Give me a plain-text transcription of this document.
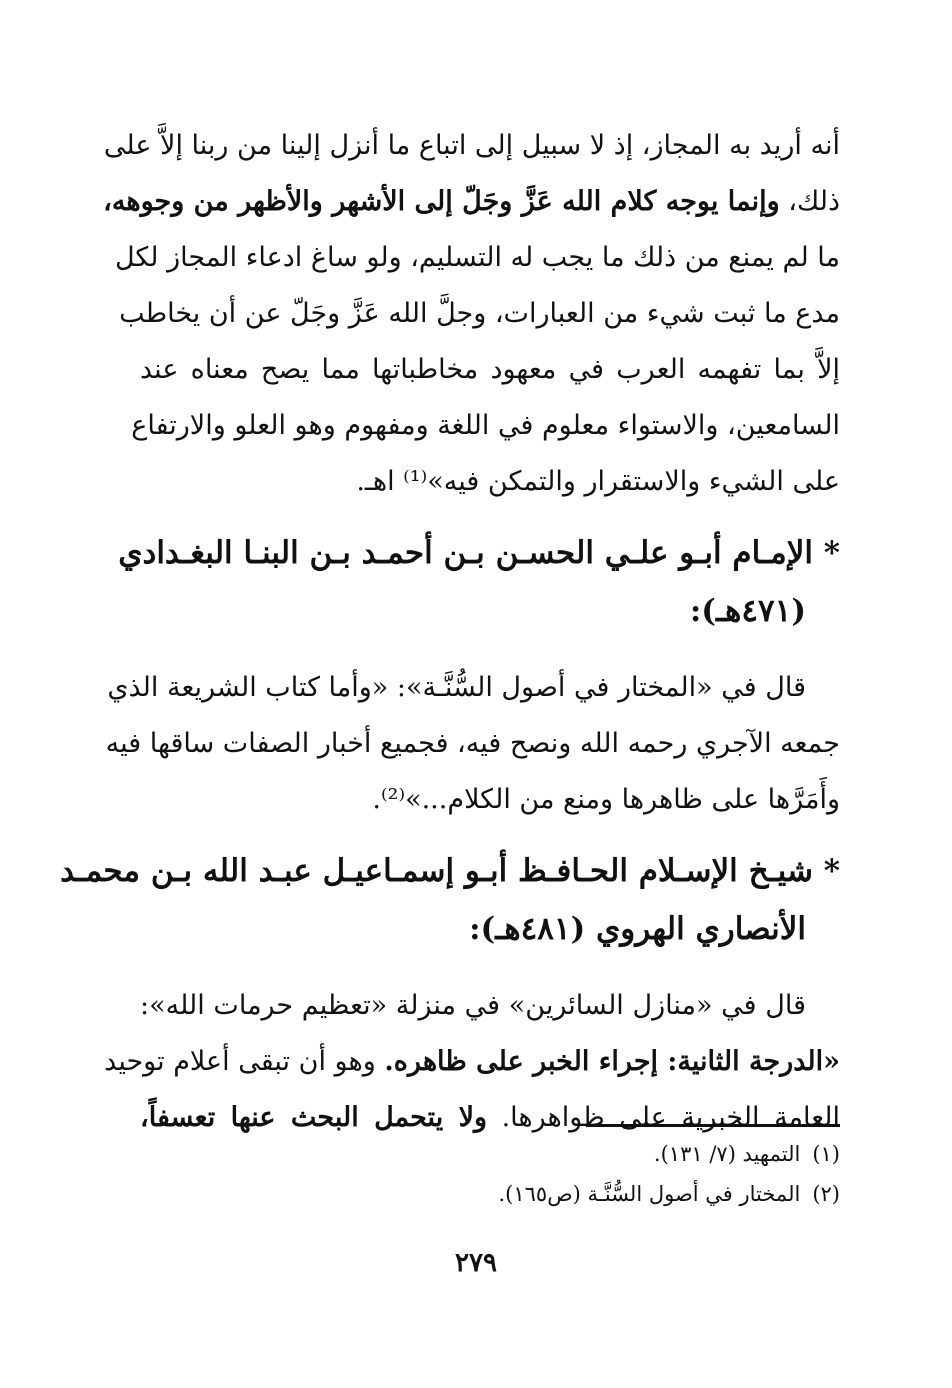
أنه أريد به المجاز، إذ لا سبيل إلى اتباع ما أنزل إلينا من ربنا إلاَّ على
ذلك، وإنما يوجه كلام الله عَزَّ وجَلّ إلى الأشهر والأظهر من وجوهه،
ما لم يمنع من ذلك ما يجب له التسليم، ولو ساغ ادعاء المجاز لكل
مدع ما ثبت شيء من العبارات، وجلَّ الله عَزَّ وجَلّ عن أن يخاطب
إلاَّ بما تفهمه العرب في معهود مخاطباتها مما يصح معناه عند
السامعين، والاستواء معلوم في اللغة ومفهوم وهو العلو والارتفاع
على الشيء والاستقرار والتمكن فيه»⁽¹⁾ اهـ.
* الإمـام أبـو علـي الحسـن بـن أحمـد بـن البنـا البغـدادي
(٤٧١هـ):
قال في «المختار في أصول السُّنَّـة»: «وأما كتاب الشريعة الذي
جمعه الآجري رحمه الله ونصح فيه، فجميع أخبار الصفات ساقها فيه
وأَمَرَّها على ظاهرها ومنع من الكلام...»⁽²⁾.
* شيـخ الإسـلام الحـافـظ أبـو إسمـاعيـل عبـد الله بـن محمـد
الأنصاري الهروي (٤٨١هـ):
قال في «منازل السائرين» في منزلة «تعظيم حرمات الله»:
«الدرجة الثانية: إجراء الخبر على ظاهره. وهو أن تبقى أعلام توحيد
العامة الخبرية على ظواهرها. ولا يتحمل البحث عنها تعسفاً،
(١)التمهيد (٧/ ١٣١).
(٢)المختار في أصول السُّنَّـة (ص١٦٥).
٢٧٩
